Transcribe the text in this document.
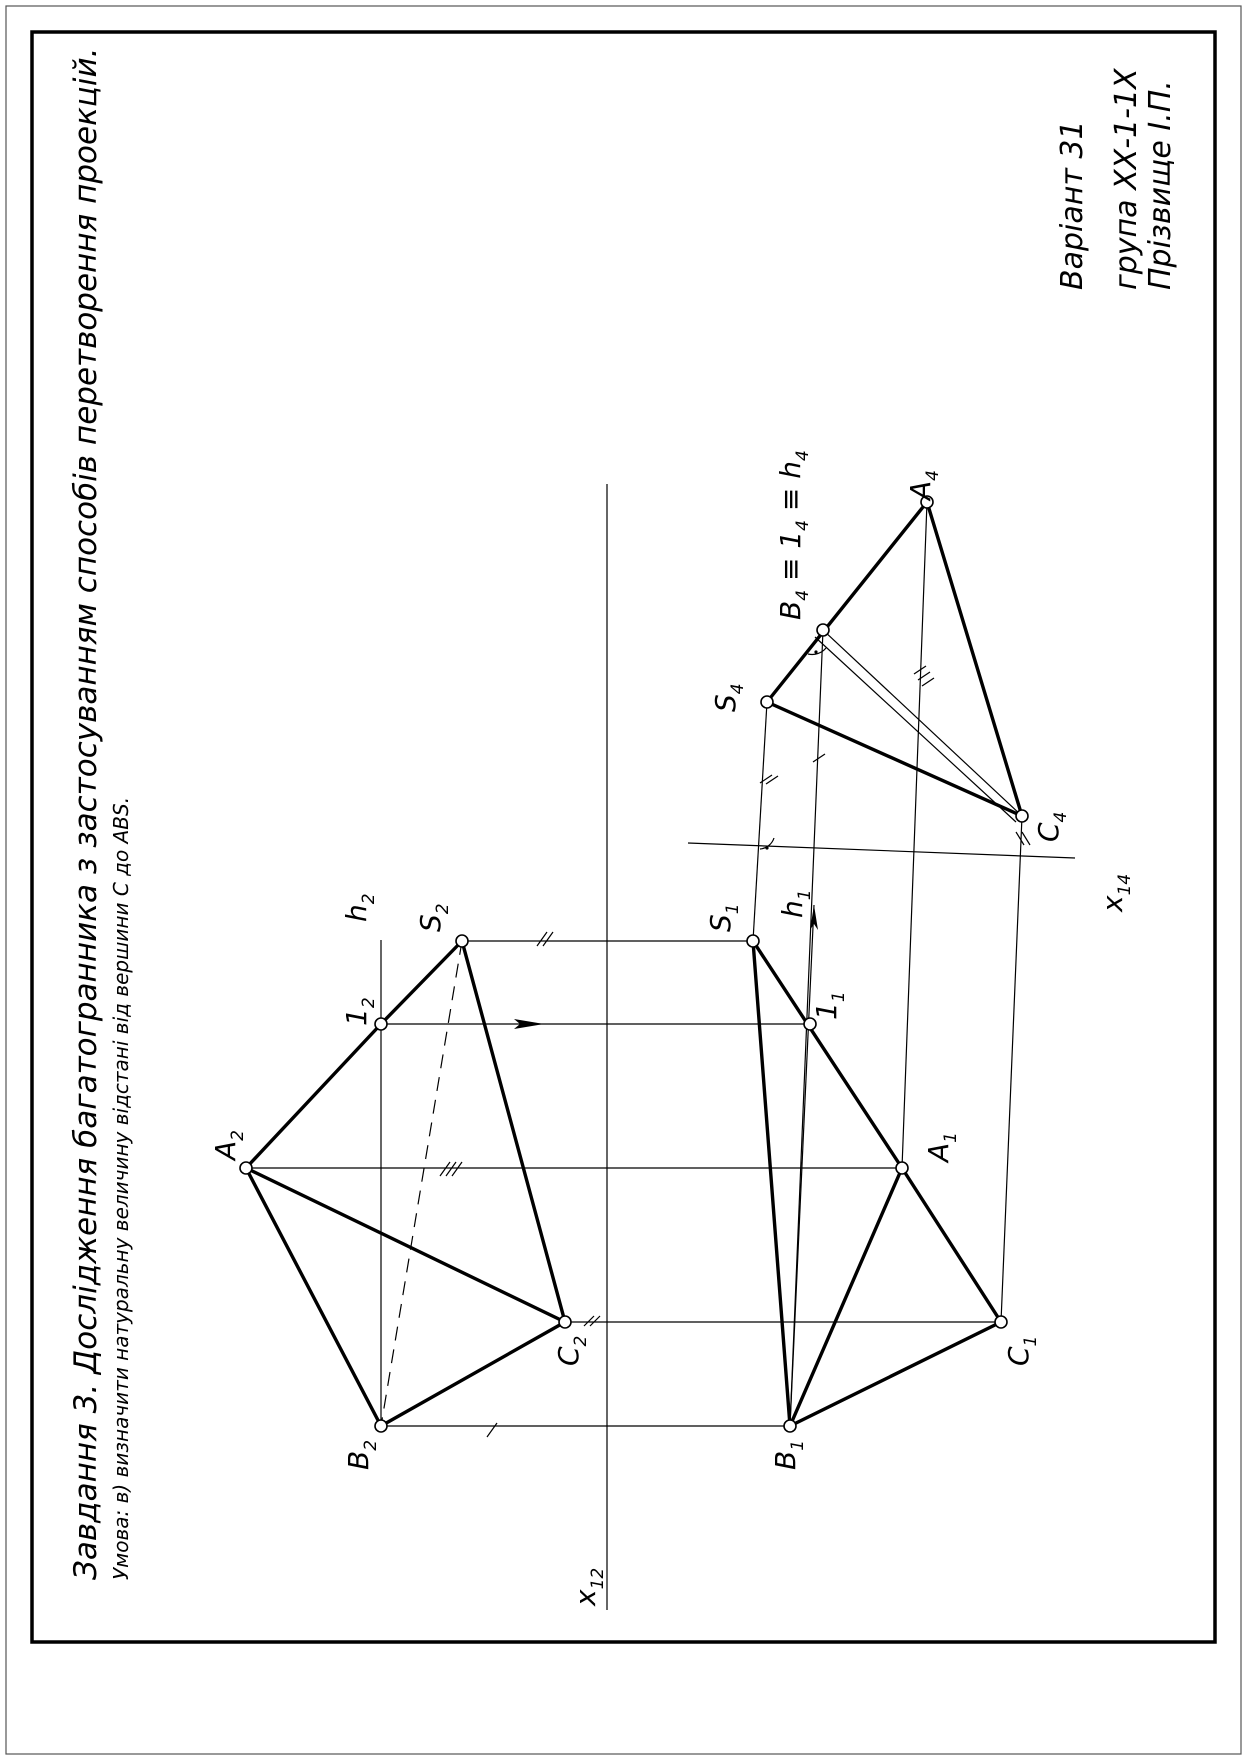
Завдання 3. Дослідження багатогранника з застосуванням способів перетворення проекцій. Умова: в) визначити натуральну величину відстані від вершини С до ABS.
Варіант 31 група ХХ-1-1Х Прізвище І.П.
$A_2$
$B_2$
$C_2$
$S_2$
$1_2$
$h_2$
$A_1$
$B_1$
$C_1$
$S_1$
$1_1$
$h_1$
$A_4$
$S_4$
$C_4$
$B_4 \equiv 1_4 \equiv h_4$
$x_{12}$
$x_{14}$
